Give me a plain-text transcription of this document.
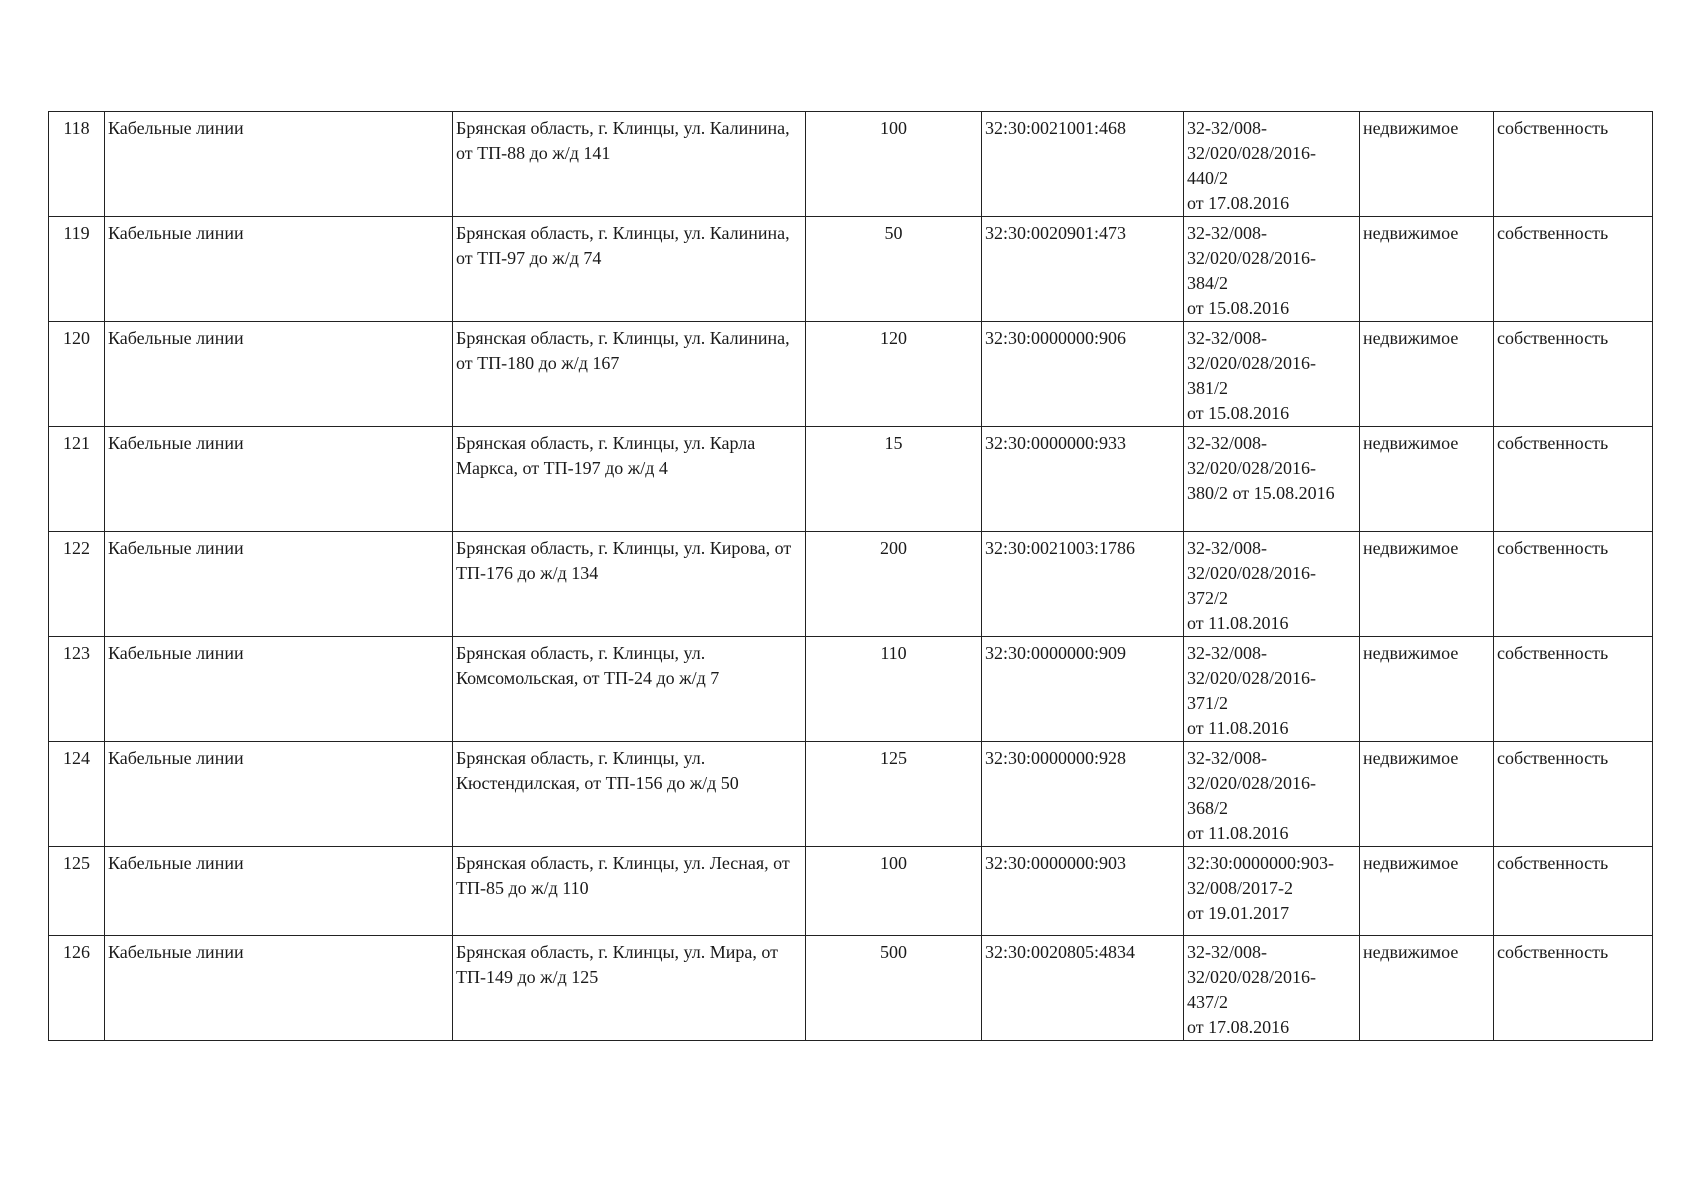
118	Кабельные линии	Брянская область, г. Клинцы, ул. Калинина, от ТП-88 до ж/д 141	100	32:30:0021001:468	32-32/008-
32/020/028/2016-
440/2
от 17.08.2016	недвижимое	собственность
119	Кабельные линии	Брянская область, г. Клинцы, ул. Калинина, от ТП-97 до ж/д 74	50	32:30:0020901:473	32-32/008-
32/020/028/2016-
384/2
от 15.08.2016	недвижимое	собственность
120	Кабельные линии	Брянская область, г. Клинцы, ул. Калинина, от ТП-180 до ж/д 167	120	32:30:0000000:906	32-32/008-
32/020/028/2016-
381/2
от 15.08.2016	недвижимое	собственность
121	Кабельные линии	Брянская область, г. Клинцы, ул. Карла Маркса, от ТП-197 до ж/д 4	15	32:30:0000000:933	32-32/008-
32/020/028/2016-
380/2 от 15.08.2016	недвижимое	собственность
122	Кабельные линии	Брянская область, г. Клинцы, ул. Кирова, от ТП-176 до ж/д 134	200	32:30:0021003:1786	32-32/008-
32/020/028/2016-
372/2
от 11.08.2016	недвижимое	собственность
123	Кабельные линии	Брянская область, г. Клинцы, ул. Комсомольская, от ТП-24 до ж/д 7	110	32:30:0000000:909	32-32/008-
32/020/028/2016-
371/2
от 11.08.2016	недвижимое	собственность
124	Кабельные линии	Брянская область, г. Клинцы, ул. Кюстендилская, от ТП-156 до ж/д 50	125	32:30:0000000:928	32-32/008-
32/020/028/2016-
368/2
от 11.08.2016	недвижимое	собственность
125	Кабельные линии	Брянская область, г. Клинцы, ул. Лесная, от ТП-85 до ж/д 110	100	32:30:0000000:903	32:30:0000000:903-
32/008/2017-2
от 19.01.2017	недвижимое	собственность
126	Кабельные линии	Брянская область, г. Клинцы, ул. Мира, от ТП-149 до ж/д 125	500	32:30:0020805:4834	32-32/008-
32/020/028/2016-
437/2
от 17.08.2016	недвижимое	собственность
